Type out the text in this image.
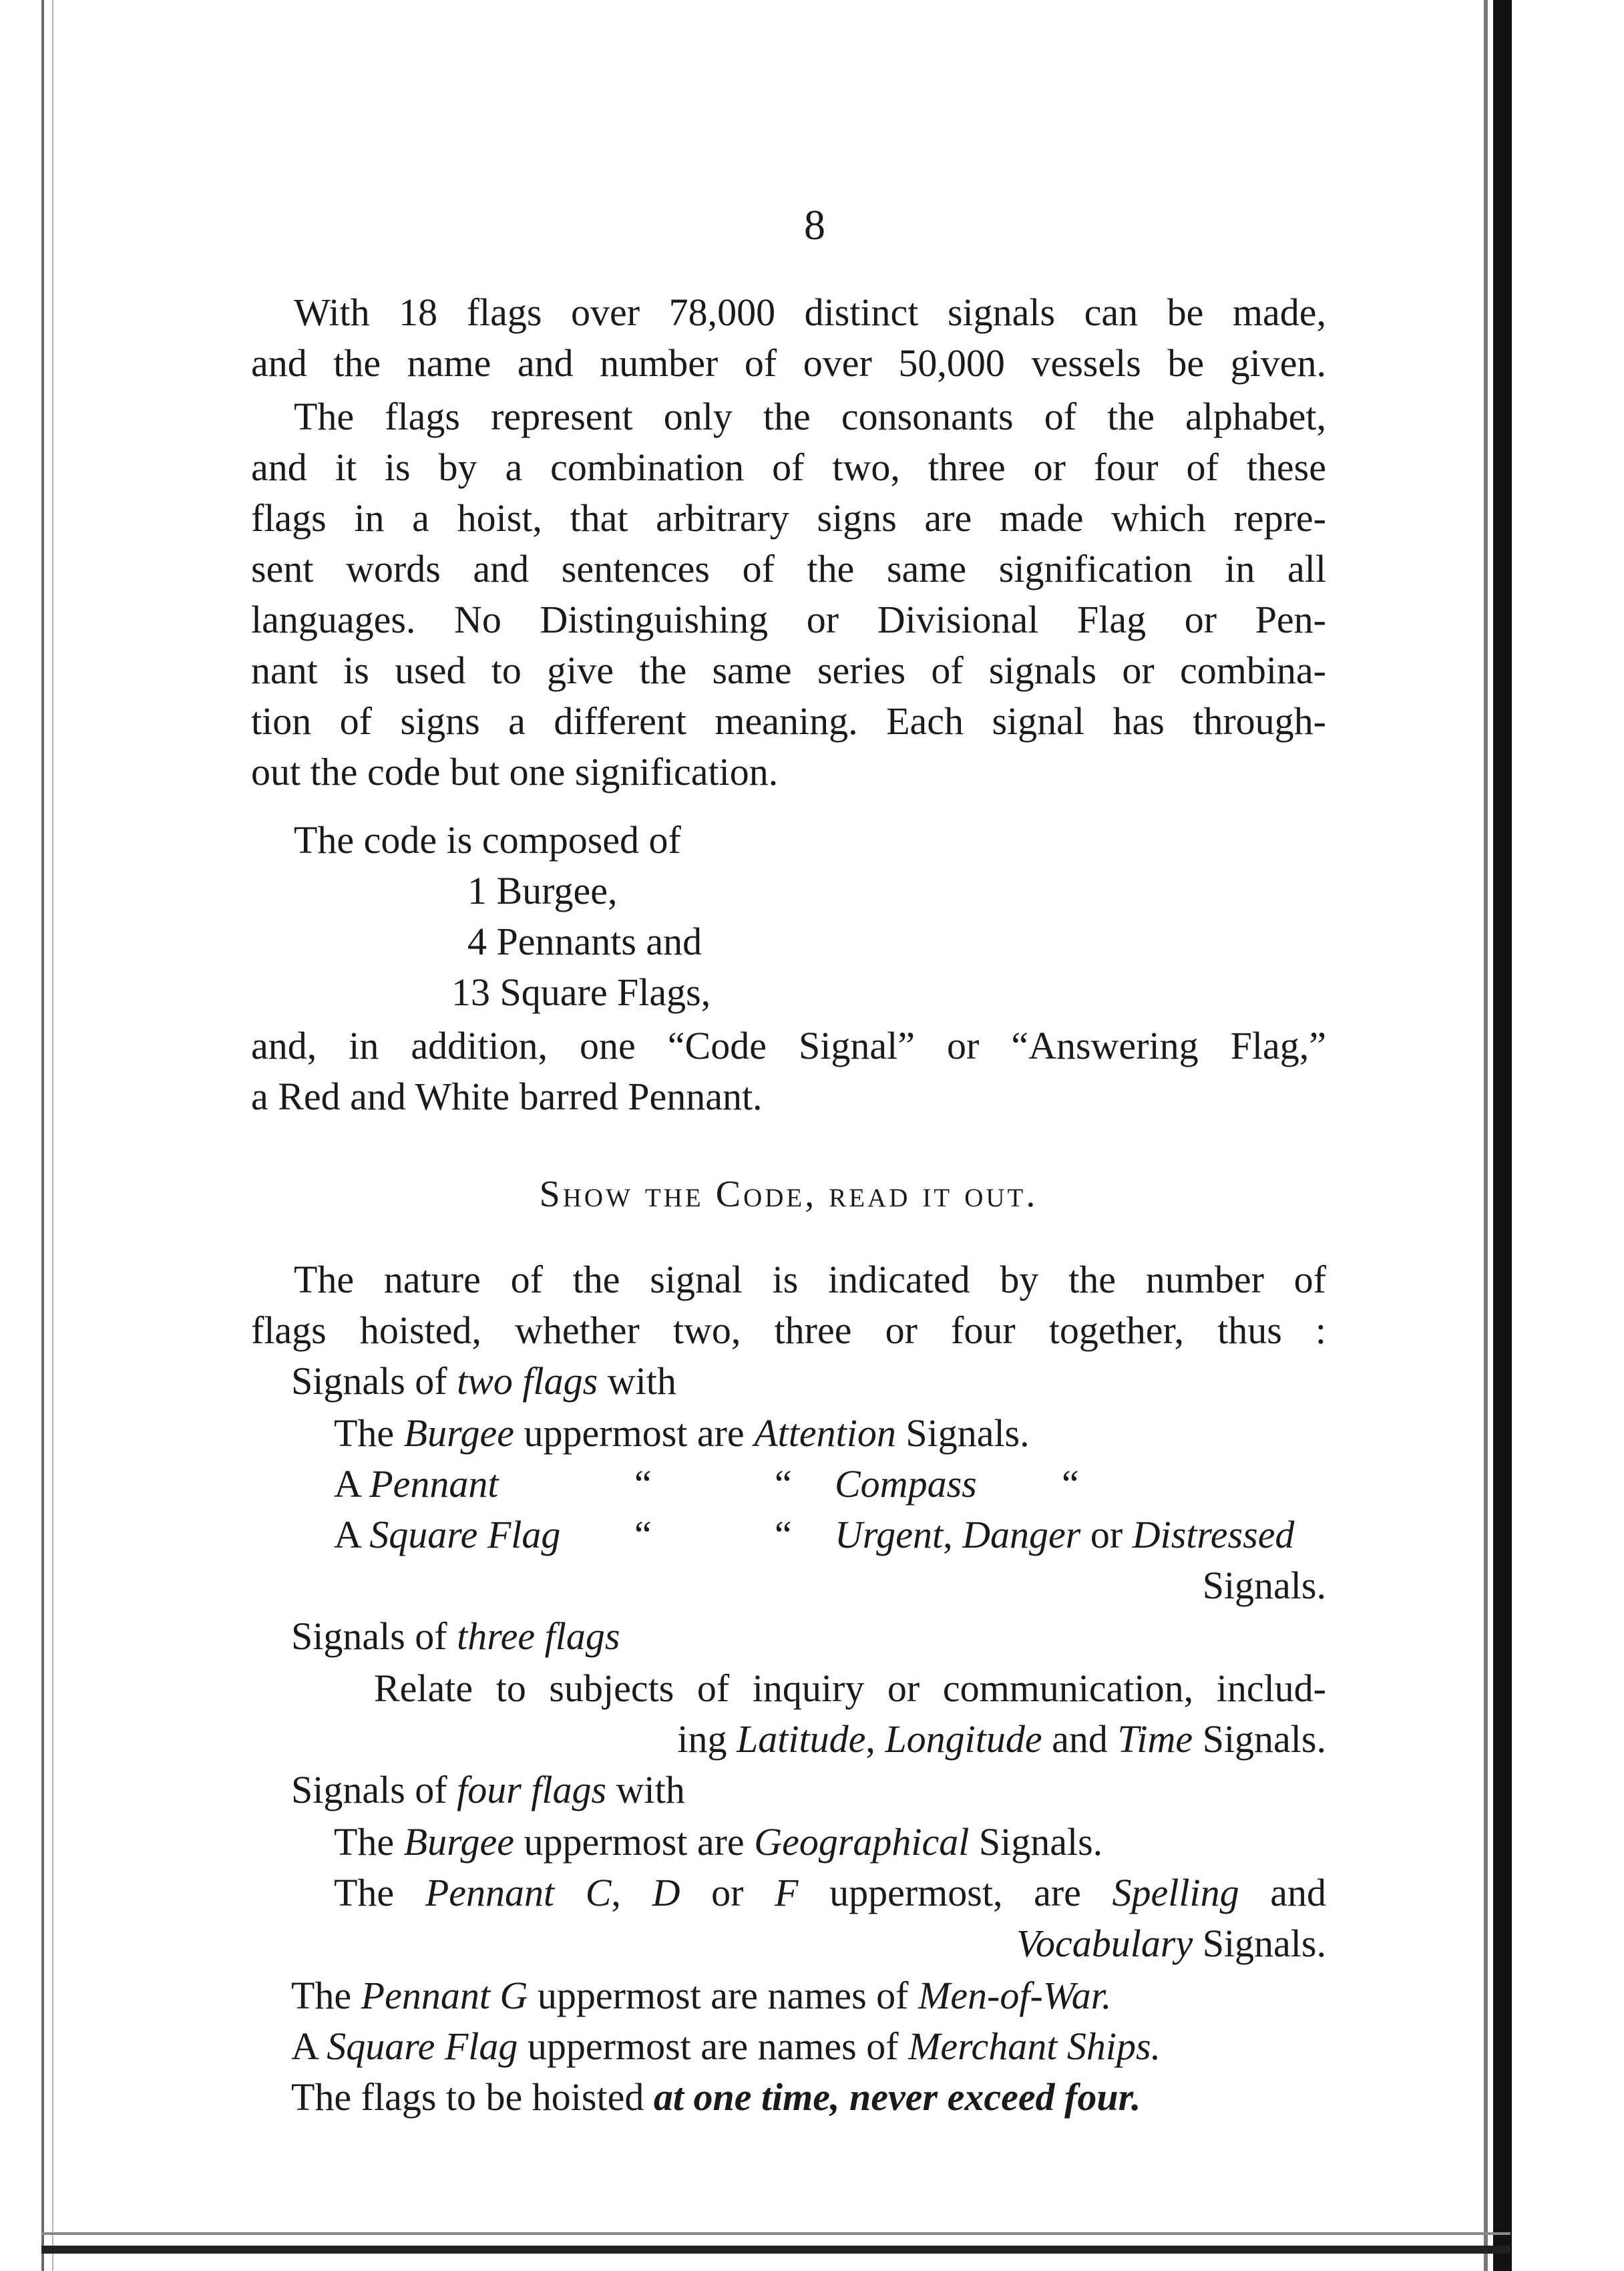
8
With 18 flags over 78,000 distinct signals can be made,
and the name and number of over 50,000 vessels be given.
The flags represent only the consonants of the alphabet,
and it is by a combination of two, three or four of these
flags in a hoist, that arbitrary signs are made which repre-
sent words and sentences of the same signification in all
languages. No Distinguishing or Divisional Flag or Pen-
nant is used to give the same series of signals or combina-
tion of signs a different meaning. Each signal has through-
out the code but one signification.
The code is composed of
1 Burgee,
4 Pennants and
13 Square Flags,
and, in addition, one “Code Signal” or “Answering Flag,”
a Red and White barred Pennant.
Show the Code, read it out.
The nature of the signal is indicated by the number of
flags hoisted, whether two, three or four together, thus :
Signals of two flags with
The Burgee uppermost are Attention Signals.
A Pennant	“	“ Compass “
A Square Flag “	“ Urgent, Danger or Distressed
Signals.
Signals of three flags
Relate to subjects of inquiry or communication, includ-
ing Latitude, Longitude and Time Signals.
Signals of four flags with
The Burgee uppermost are Geographical Signals.
The Pennant C, D or F uppermost, are Spelling and
Vocabulary Signals.
The Pennant G uppermost are names of Men-of-War.
A Square Flag uppermost are names of Merchant Ships.
The flags to be hoisted at one time, never exceed four.
